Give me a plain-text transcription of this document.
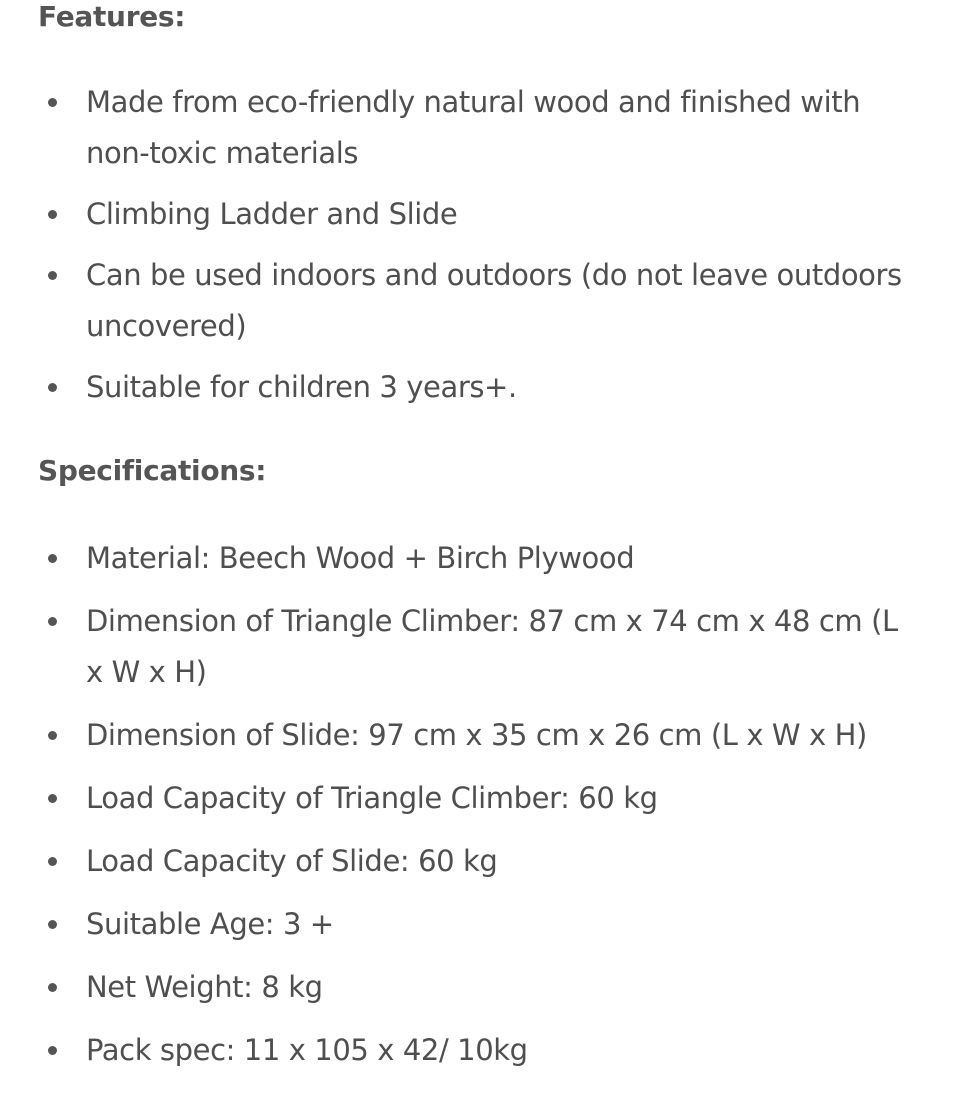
Features:
Made from eco-friendly natural wood and finished with non-toxic materials
Climbing Ladder and Slide
Can be used indoors and outdoors (do not leave outdoors uncovered)
Suitable for children 3 years+.
Specifications:
Material: Beech Wood + Birch Plywood
Dimension of Triangle Climber: 87 cm x 74 cm x 48 cm (L x W x H)
Dimension of Slide: 97 cm x 35 cm x 26 cm (L x W x H)
Load Capacity of Triangle Climber: 60 kg
Load Capacity of Slide: 60 kg
Suitable Age: 3 +
Net Weight: 8 kg
Pack spec: 11 x 105 x 42/ 10kg
